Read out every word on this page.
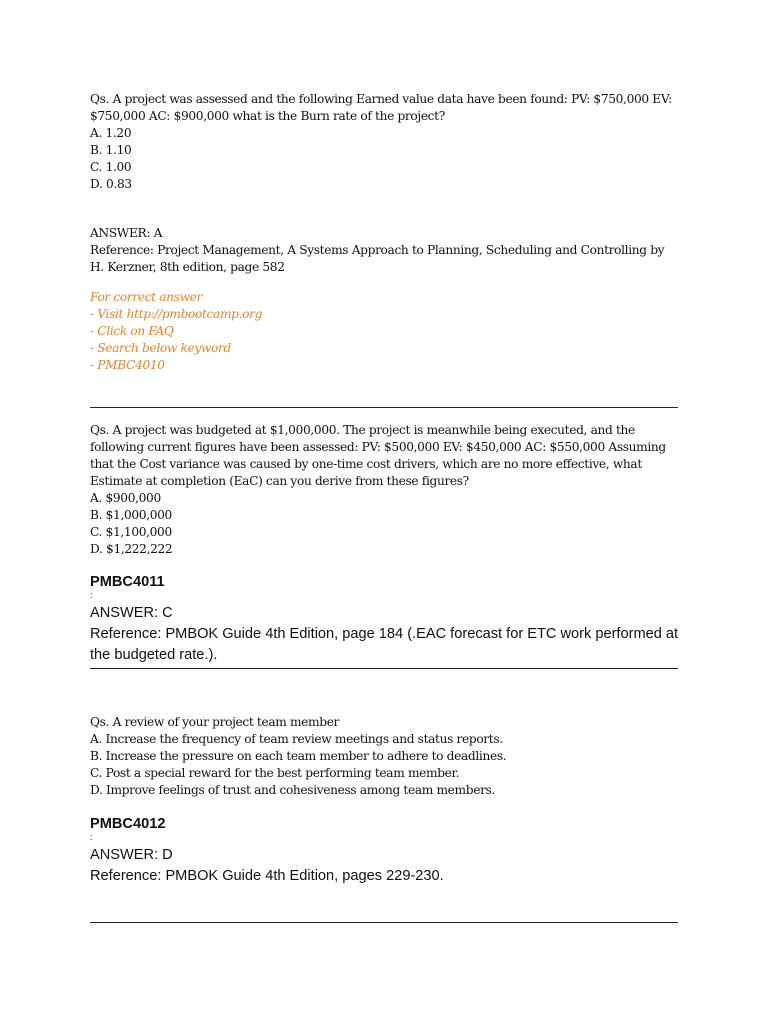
Qs. A project was assessed and the following Earned value data have been found: PV: $750,000 EV: $750,000 AC: $900,000 what is the Burn rate of the project?
A. 1.20
B. 1.10
C. 1.00
D. 0.83
ANSWER: A
Reference: Project Management, A Systems Approach to Planning, Scheduling and Controlling by H. Kerzner, 8th edition, page 582
For correct answer
- Visit http://pmbootcamp.org
- Click on FAQ
- Search below keyword
- PMBC4010
Qs. A project was budgeted at $1,000,000. The project is meanwhile being executed, and the following current figures have been assessed: PV: $500,000 EV: $450,000 AC: $550,000 Assuming that the Cost variance was caused by one-time cost drivers, which are no more effective, what Estimate at completion (EaC) can you derive from these figures?
A. $900,000
B. $1,000,000
C. $1,100,000
D. $1,222,222
PMBC4011
:
ANSWER: C
Reference: PMBOK Guide 4th Edition, page 184 (.EAC forecast for ETC work performed at the budgeted rate.).
Qs. A review of your project team member
A. Increase the frequency of team review meetings and status reports.
B. Increase the pressure on each team member to adhere to deadlines.
C. Post a special reward for the best performing team member.
D. Improve feelings of trust and cohesiveness among team members.
PMBC4012
:
ANSWER: D
Reference: PMBOK Guide 4th Edition, pages 229-230.
